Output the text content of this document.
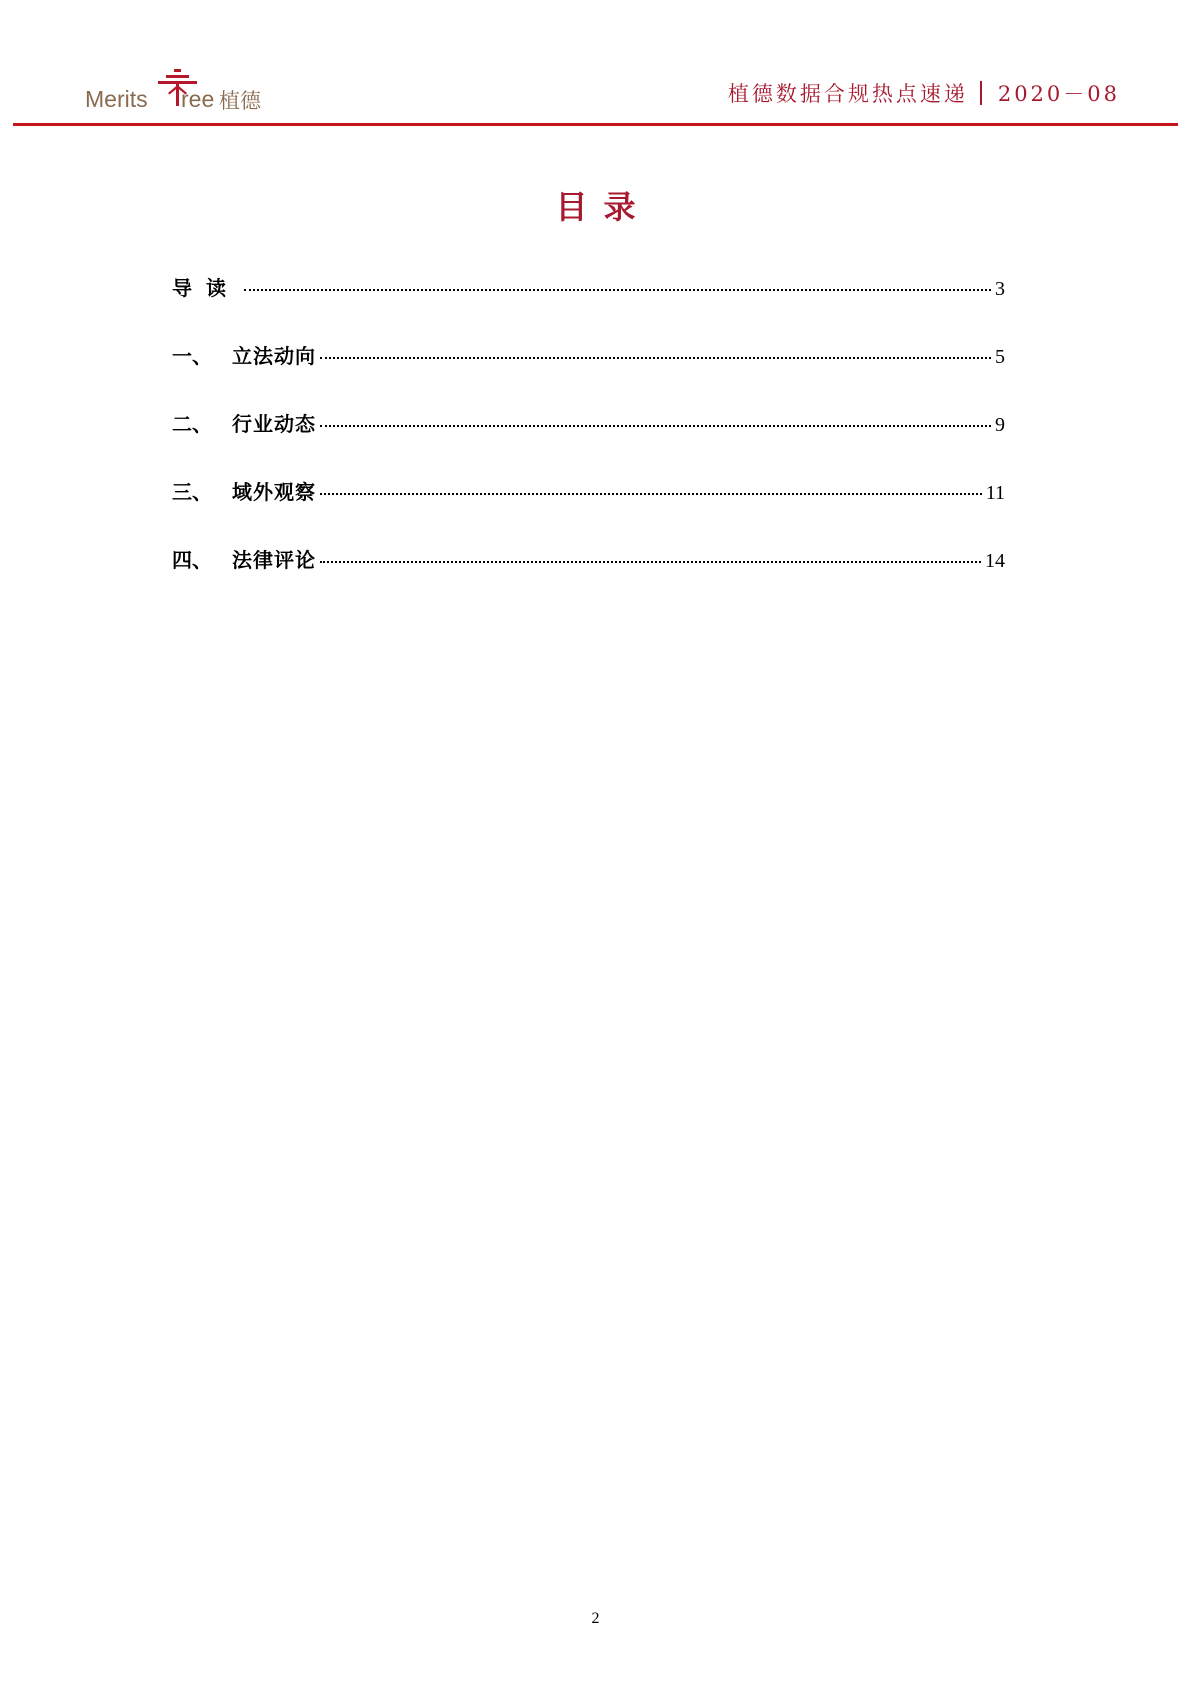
Merits ree 植德	植德数据合规热点速递 2020－08
目录
导读	3
一、	立法动向	5
二、	行业动态	9
三、	域外观察	11
四、	法律评论	14
2
